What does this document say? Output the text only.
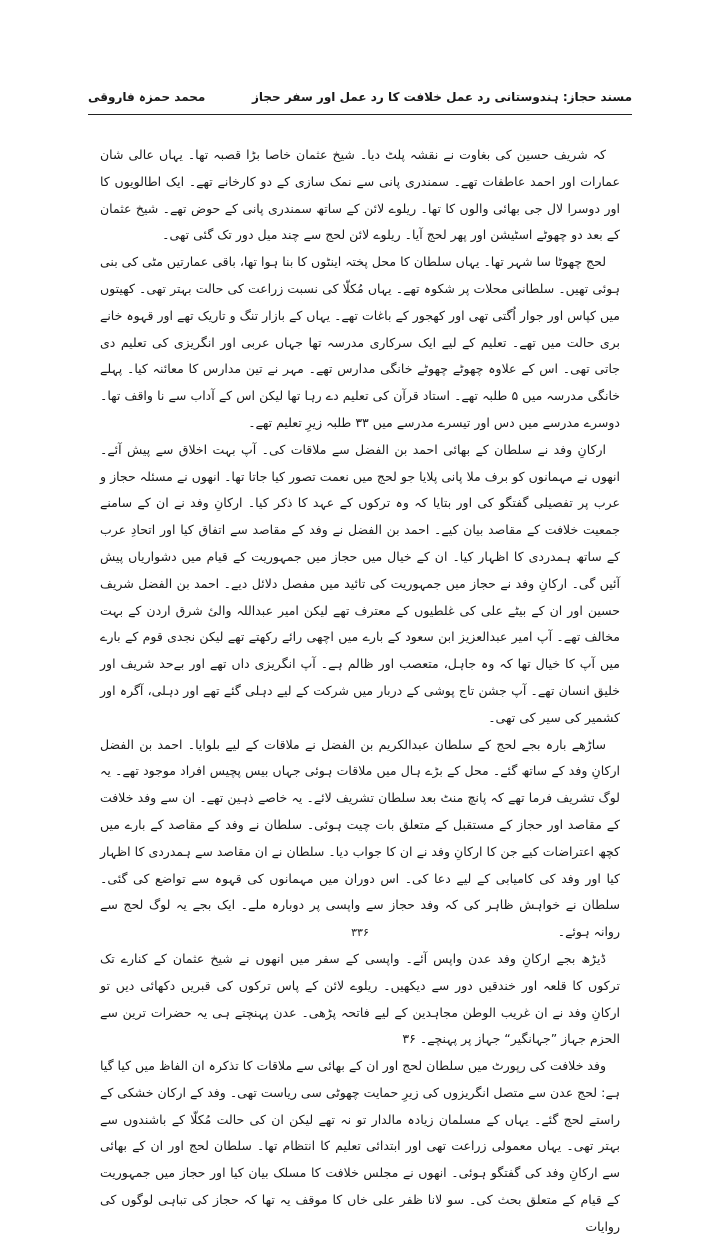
محمد حمزہ فاروقی	مسند حجاز: ہندوستانی رد عمل خلافت کا رد عمل اور سفر حجاز

کہ شریف حسین کی بغاوت نے نقشہ پلٹ دیا۔ شیخ عثمان خاصا بڑا قصبہ تھا۔ یہاں عالی شان عمارات اور احمد عاطفات تھے۔ سمندری پانی سے نمک سازی کے دو کارخانے تھے۔ ایک اطالویوں کا اور دوسرا لال جی بھائی والوں کا تھا۔ ریلوے لائن کے ساتھ سمندری پانی کے حوض تھے۔ شیخ عثمان کے بعد دو چھوٹے اسٹیشن اور پھر لحج آیا۔ ریلوے لائن لحج سے چند میل دور تک گئی تھی۔

لحج چھوٹا سا شہر تھا۔ یہاں سلطان کا محل پختہ اینٹوں کا بنا ہوا تھا، باقی عمارتیں مٹی کی بنی ہوئی تھیں۔ سلطانی محلات پر شکوہ تھے۔ یہاں مُکلّا کی نسبت زراعت کی حالت بہتر تھی۔ کھیتوں میں کپاس اور جوار اُگتی تھی اور کھجور کے باغات تھے۔ یہاں کے بازار تنگ و تاریک تھے اور قہوہ خانے بری حالت میں تھے۔ تعلیم کے لیے ایک سرکاری مدرسہ تھا جہاں عربی اور انگریزی کی تعلیم دی جاتی تھی۔ اس کے علاوہ چھوٹے چھوٹے خانگی مدارس تھے۔ مہر نے تین مدارس کا معائنہ کیا۔ پہلے خانگی مدرسہ میں ۵ طلبہ تھے۔ استاد قرآن کی تعلیم دے رہا تھا لیکن اس کے آداب سے نا واقف تھا۔ دوسرے مدرسے میں دس اور تیسرے مدرسے میں ۳۳ طلبہ زیرِ تعلیم تھے۔

ارکانِ وفد نے سلطان کے بھائی احمد بن الفضل سے ملاقات کی۔ آپ بہت اخلاق سے پیش آئے۔ انھوں نے مہمانوں کو برف ملا پانی پلایا جو لحج میں نعمت تصور کیا جاتا تھا۔ انھوں نے مسئلہ حجاز و عرب پر تفصیلی گفتگو کی اور بتایا کہ وہ ترکوں کے عہد کا ذکر کیا۔ ارکانِ وفد نے ان کے سامنے جمعیت خلافت کے مقاصد بیان کیے۔ احمد بن الفضل نے وفد کے مقاصد سے اتفاق کیا اور اتحادِ عرب کے ساتھ ہمدردی کا اظہار کیا۔ ان کے خیال میں حجاز میں جمہوریت کے قیام میں دشواریاں پیش آئیں گی۔ ارکانِ وفد نے حجاز میں جمہوریت کی تائید میں مفصل دلائل دیے۔ احمد بن الفضل شریف حسین اور ان کے بیٹے علی کی غلطیوں کے معترف تھے لیکن امیر عبداللہ والیٔ شرق اردن کے بہت مخالف تھے۔ آپ امیر عبدالعزیز ابن سعود کے بارے میں اچھی رائے رکھتے تھے لیکن نجدی قوم کے بارے میں آپ کا خیال تھا کہ وہ جاہل، متعصب اور ظالم ہے۔ آپ انگریزی داں تھے اور بےحد شریف اور خلیق انسان تھے۔ آپ جشن تاج پوشی کے دربار میں شرکت کے لیے دہلی گئے تھے اور دہلی، آگرہ اور کشمیر کی سیر کی تھی۔

ساڑھے بارہ بجے لحج کے سلطان عبدالکریم بن الفضل نے ملاقات کے لیے بلوایا۔ احمد بن الفضل ارکانِ وفد کے ساتھ گئے۔ محل کے بڑے ہال میں ملاقات ہوئی جہاں بیس پچیس افراد موجود تھے۔ یہ لوگ تشریف فرما تھے کہ پانچ منٹ بعد سلطان تشریف لائے۔ یہ خاصے ذہین تھے۔ ان سے وفد خلافت کے مقاصد اور حجاز کے مستقبل کے متعلق بات چیت ہوئی۔ سلطان نے وفد کے مقاصد کے بارے میں کچھ اعتراضات کیے جن کا ارکانِ وفد نے ان کا جواب دیا۔ سلطان نے ان مقاصد سے ہمدردی کا اظہار کیا اور وفد کی کامیابی کے لیے دعا کی۔ اس دوران میں مہمانوں کی قہوہ سے تواضع کی گئی۔ سلطان نے خواہش ظاہر کی کہ وفد حجاز سے واپسی پر دوبارہ ملے۔ ایک بجے یہ لوگ لحج سے روانہ ہوئے۔

ڈیڑھ بجے ارکانِ وفد عدن واپس آئے۔ واپسی کے سفر میں انھوں نے شیخ عثمان کے کنارے تک ترکوں کا قلعہ اور خندقیں دور سے دیکھیں۔ ریلوے لائن کے پاس ترکوں کی قبریں دکھائی دیں تو ارکانِ وفد نے ان غریب الوطن مجاہدین کے لیے فاتحہ پڑھی۔ عدن پہنچتے ہی یہ حضرات ترین سے الحزم جہاز ”جہانگیر“ جہاز پر پہنچے۔ ۳۶

وفد خلافت کی رپورٹ میں سلطان لحج اور ان کے بھائی سے ملاقات کا تذکرہ ان الفاظ میں کیا گیا ہے: لحج عدن سے متصل انگریزوں کی زیرِ حمایت چھوٹی سی ریاست تھی۔ وفد کے ارکان خشکی کے راستے لحج گئے۔ یہاں کے مسلمان زیادہ مالدار تو نہ تھے لیکن ان کی حالت مُکلّا کے باشندوں سے بہتر تھی۔ یہاں معمولی زراعت تھی اور ابتدائی تعلیم کا انتظام تھا۔ سلطان لحج اور ان کے بھائی سے ارکانِ وفد کی گفتگو ہوئی۔ انھوں نے مجلس خلافت کا مسلک بیان کیا اور حجاز میں جمہوریت کے قیام کے متعلق بحث کی۔ سو لانا ظفر علی خاں کا موقف یہ تھا کہ حجاز کی تباہی لوگوں کی روایات

۳۳۶
